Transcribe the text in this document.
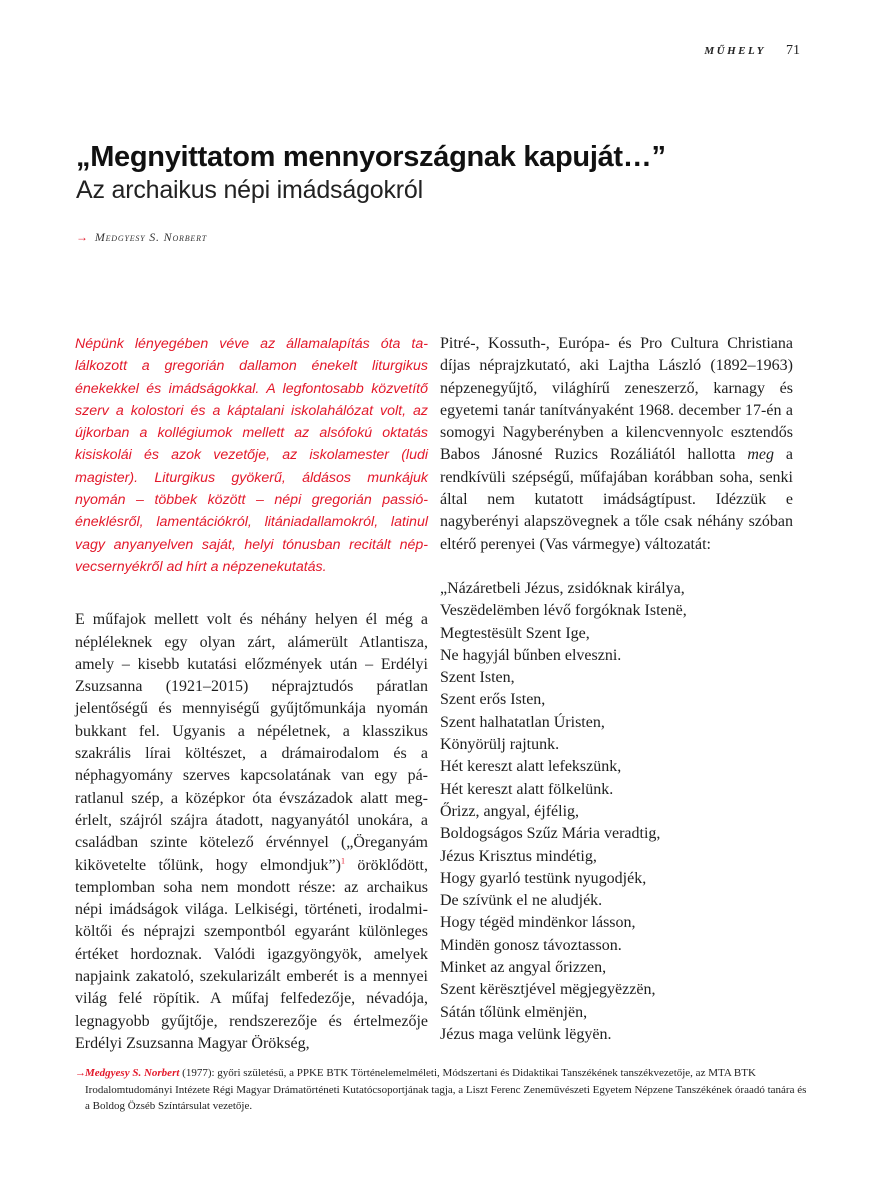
MŰHELY 71
„Megnyittatom mennyországnak kapuját…”
Az archaikus népi imádságokról
→ Medgyesy S. Norbert

Népünk lényegében véve az államalapítás óta találkozott a gregorián dallamon énekelt liturgikus énekekkel és imádságokkal. A legfontosabb közvetítő szerv a kolostori és a káptalani iskolahálózat volt, az újkorban a kollégiumok mellett az alsófokú oktatás kisiskolái és azok vezetője, az iskolamester (ludi magister). Liturgikus gyökerű, áldásos munkájuk nyomán – többek között – népi gregorián passióéneklésről, lamentációkról, litániadallamokról, latinul vagy anyanyelven saját, helyi tónusban recitált népvecsernyékről ad hírt a népzenekutatás.

E műfajok mellett volt és néhány helyen él még a népléleknek egy olyan zárt, alámerült Atlantisza, amely – kisebb kutatási előzmények után – Erdélyi Zsuzsanna (1921–2015) néprajztudós páratlan jelentőségű és mennyiségű gyűjtőmunkája nyomán bukkant fel. Ugyanis a népéletnek, a klasszikus szakrális lírai költészet, a drámairodalom és a néphagyomány szerves kapcsolatának van egy páratlanul szép, a középkor óta évszázadok alatt megérlelt, szájról szájra átadott, nagyanyától unokára, a családban szinte kötelező érvénnyel („Öreganyám kikövetelte tőlünk, hogy elmondjuk”)$^1$ öröklődött, templomban soha nem mondott része: az archaikus népi imádságok világa. Lelkiségi, történeti, irodalmi-költői és néprajzi szempontból egyaránt különleges értéket hordoznak. Valódi igazgyöngyök, amelyek napjaink zakatoló, szekularizált emberét is a mennyei világ felé röpítik. A műfaj felfedezője, névadója, legnagyobb gyűjtője, rendszerezője és értelmezője Erdélyi Zsuzsanna Magyar Örökség,

Pitré-, Kossuth-, Európa- és Pro Cultura Christiana díjas néprajzkutató, aki Lajtha László (1892–1963) népzenegyűjtő, világhírű zeneszerző, karnagy és egyetemi tanár tanítványaként 1968. december 17-én a somogyi Nagyberényben a kilencvennyolc esztendős Babos Jánosné Ruzics Rozáliától hallotta meg a rendkívüli szépségű, műfajában korábban soha, senki által nem kutatott imádságtípust. Idézzük e nagyberényi alapszövegnek a tőle csak néhány szóban eltérő perenyei (Vas vármegye) változatát:

„Názáretbeli Jézus, zsidóknak királya,
Veszëdelëmben lévő forgóknak Istenë,
Megtestësült Szent Ige,
Ne hagyjál bűnben elveszni.
Szent Isten,
Szent erős Isten,
Szent halhatatlan Úristen,
Könyörülj rajtunk.
Hét kereszt alatt lefekszünk,
Hét kereszt alatt fölkelünk.
Őrizz, angyal, éjfélig,
Boldogságos Szűz Mária veradtig,
Jézus Krisztus mindétig,
Hogy gyarló testünk nyugodjék,
De szívünk el ne aludjék.
Hogy tégëd mindënkor lásson,
Mindën gonosz távoztasson.
Minket az angyal őrizzen,
Szent kërësztjével mëgjegyëzzën,
Sátán tőlünk elmënjën,
Jézus maga velünk lëgyën.
→ Medgyesy S. Norbert (1977): győri születésű, a PPKE BTK Történelemelméleti, Módszertani és Didaktikai Tanszékének tanszékvezetője, az MTA BTK Irodalomtudományi Intézete Régi Magyar Drámatörténeti Kutatócsoportjának tagja, a Liszt Ferenc Zeneművészeti Egyetem Népzene Tanszékének óraadó tanára és a Boldog Özséb Színtársulat vezetője.
